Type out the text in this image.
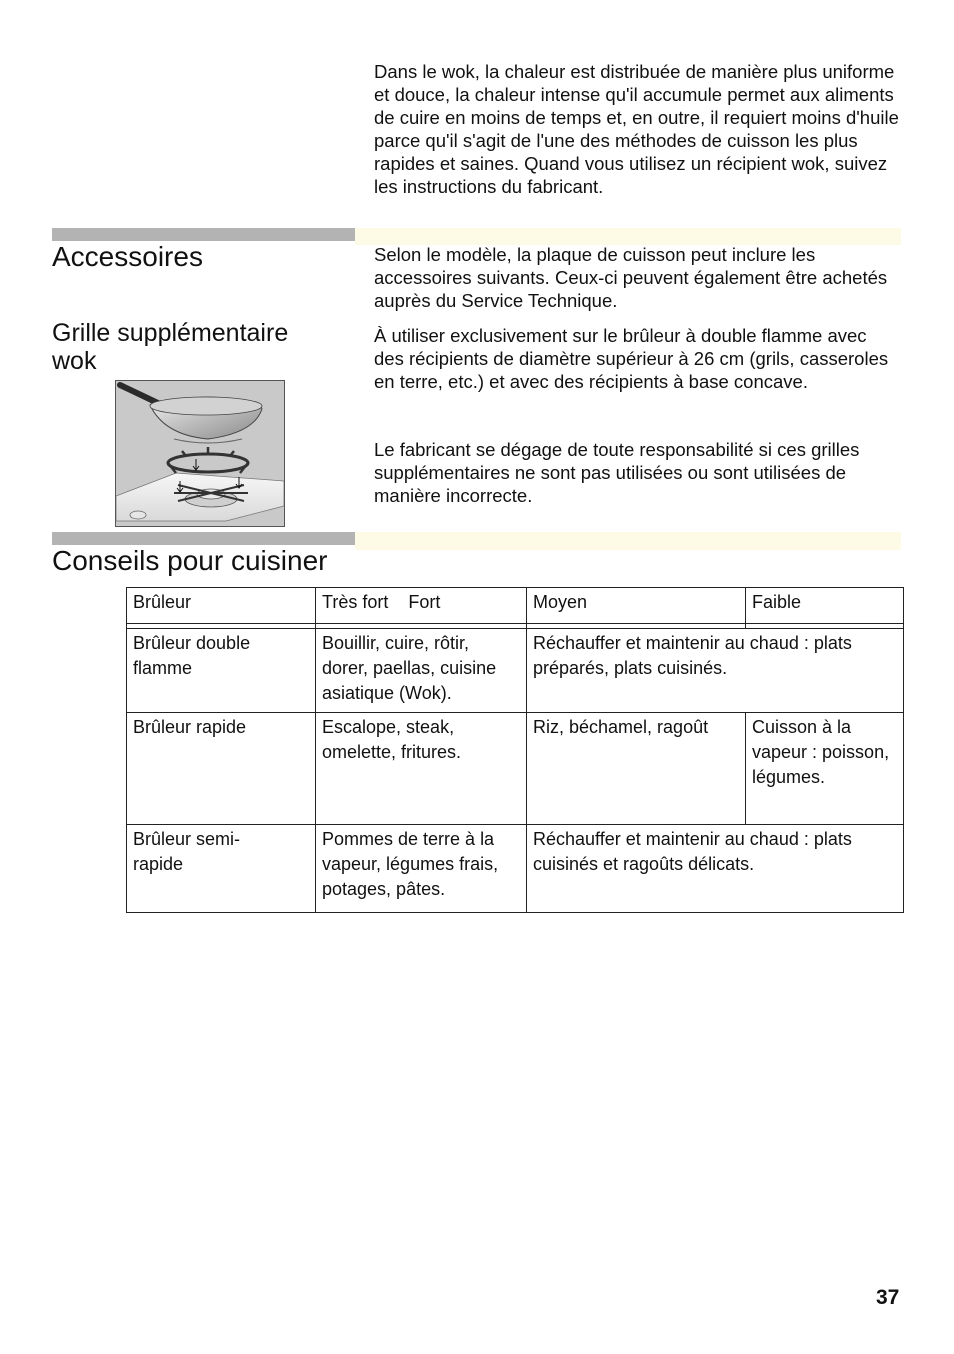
Dans le wok, la chaleur est distribuée de manière plus uniforme et douce, la chaleur intense qu'il accumule permet aux aliments de cuire en moins de temps et, en outre, il requiert moins d'huile parce qu'il s'agit de l'une des méthodes de cuisson les plus rapides et saines. Quand vous utilisez un récipient wok, suivez les instructions du fabricant.

Accessoires	Selon le modèle, la plaque de cuisson peut inclure les accessoires suivants. Ceux-ci peuvent également être achetés auprès du Service Technique.

Grille supplémentaire wok

À utiliser exclusivement sur le brûleur à double flamme avec des récipients de diamètre supérieur à 26 cm (grils, casseroles en terre, etc.) et avec des récipients à base concave.

Le fabricant se dégage de toute responsabilité si ces grilles supplémentaires ne sont pas utilisées ou sont utilisées de manière incorrecte.

Conseils pour cuisiner
Brûleur	Très fort    Fort	Moyen	Faible

Brûleur double flamme	Bouillir, cuire, rôtir, dorer, paellas, cuisine asiatique (Wok).	Réchauffer et maintenir au chaud : plats préparés, plats cuisinés.	
Brûleur rapide	Escalope, steak, omelette, fritures.	Riz, béchamel, ragoût	Cuisson à la vapeur : poisson, légumes.
Brûleur semi-rapide	Pommes de terre à la vapeur, légumes frais, potages, pâtes.	Réchauffer et maintenir au chaud : plats cuisinés et ragoûts délicats.	
37
